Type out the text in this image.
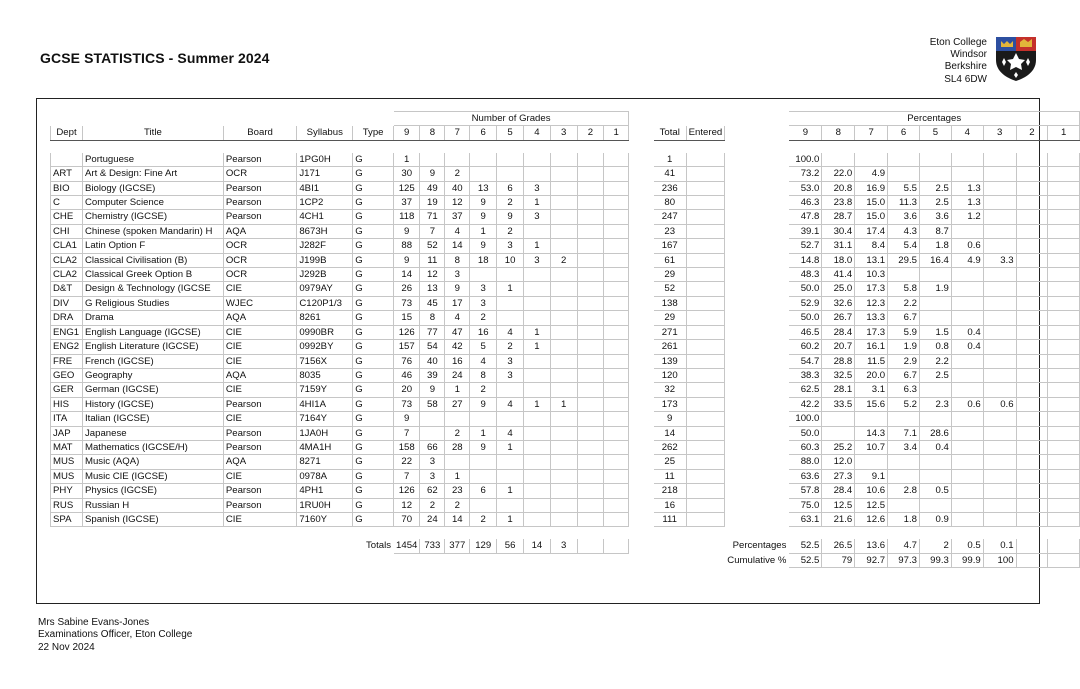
GCSE STATISTICS - Summer 2024
Eton College
Windsor
Berkshire
SL4 6DW
					Number of Grades													Percentages								
Dept	Title	Board	Syllabus	Type	9	8	7	6	5	4	3	2	1		Total	Entered		9	8	7	6	5	4	3	2	1

	Portuguese	Pearson	1PG0H	G	1										1			100.0								
ART	Art & Design: Fine Art	OCR	J171	G	30	9	2								41			73.2	22.0	4.9						
BIO	Biology (IGCSE)	Pearson	4BI1	G	125	49	40	13	6	3					236			53.0	20.8	16.9	5.5	2.5	1.3			
C	Computer Science	Pearson	1CP2	G	37	19	12	9	2	1					80			46.3	23.8	15.0	11.3	2.5	1.3			
CHE	Chemistry (IGCSE)	Pearson	4CH1	G	118	71	37	9	9	3					247			47.8	28.7	15.0	3.6	3.6	1.2			
CHI	Chinese (spoken Mandarin) H	AQA	8673H	G	9	7	4	1	2						23			39.1	30.4	17.4	4.3	8.7				
CLA1	Latin Option F	OCR	J282F	G	88	52	14	9	3	1					167			52.7	31.1	8.4	5.4	1.8	0.6			
CLA2	Classical Civilisation (B)	OCR	J199B	G	9	11	8	18	10	3	2				61			14.8	18.0	13.1	29.5	16.4	4.9	3.3		
CLA2	Classical Greek Option B	OCR	J292B	G	14	12	3								29			48.3	41.4	10.3						
D&T	Design & Technology (IGCSE	CIE	0979AY	G	26	13	9	3	1						52			50.0	25.0	17.3	5.8	1.9				
DIV	G Religious Studies	WJEC	C120P1/3	G	73	45	17	3							138			52.9	32.6	12.3	2.2					
DRA	Drama	AQA	8261	G	15	8	4	2							29			50.0	26.7	13.3	6.7					
ENG1	English Language (IGCSE)	CIE	0990BR	G	126	77	47	16	4	1					271			46.5	28.4	17.3	5.9	1.5	0.4			
ENG2	English Literature (IGCSE)	CIE	0992BY	G	157	54	42	5	2	1					261			60.2	20.7	16.1	1.9	0.8	0.4			
FRE	French (IGCSE)	CIE	7156X	G	76	40	16	4	3						139			54.7	28.8	11.5	2.9	2.2				
GEO	Geography	AQA	8035	G	46	39	24	8	3						120			38.3	32.5	20.0	6.7	2.5				
GER	German (IGCSE)	CIE	7159Y	G	20	9	1	2							32			62.5	28.1	3.1	6.3					
HIS	History (IGCSE)	Pearson	4HI1A	G	73	58	27	9	4	1	1				173			42.2	33.5	15.6	5.2	2.3	0.6	0.6		
ITA	Italian (IGCSE)	CIE	7164Y	G	9										9			100.0								
JAP	Japanese	Pearson	1JA0H	G	7		2	1	4						14			50.0		14.3	7.1	28.6				
MAT	Mathematics (IGCSE/H)	Pearson	4MA1H	G	158	66	28	9	1						262			60.3	25.2	10.7	3.4	0.4				
MUS	Music (AQA)	AQA	8271	G	22	3									25			88.0	12.0							
MUS	Music CIE (IGCSE)	CIE	0978A	G	7	3	1								11			63.6	27.3	9.1						
PHY	Physics (IGCSE)	Pearson	4PH1	G	126	62	23	6	1						218			57.8	28.4	10.6	2.8	0.5				
RUS	Russian H	Pearson	1RU0H	G	12	2	2								16			75.0	12.5	12.5						
SPA	Spanish (IGCSE)	CIE	7160Y	G	70	24	14	2	1						111			63.1	21.6	12.6	1.8	0.9				

				Totals	1454	733	377	129	56	14	3			Percentages				52.5	26.5	13.6	4.7	2	0.5	0.1		
																	Cumulative %	52.5	79	92.7	97.3	99.3	99.9	100		
Mrs Sabine Evans-Jones
Examinations Officer, Eton College
22 Nov 2024
